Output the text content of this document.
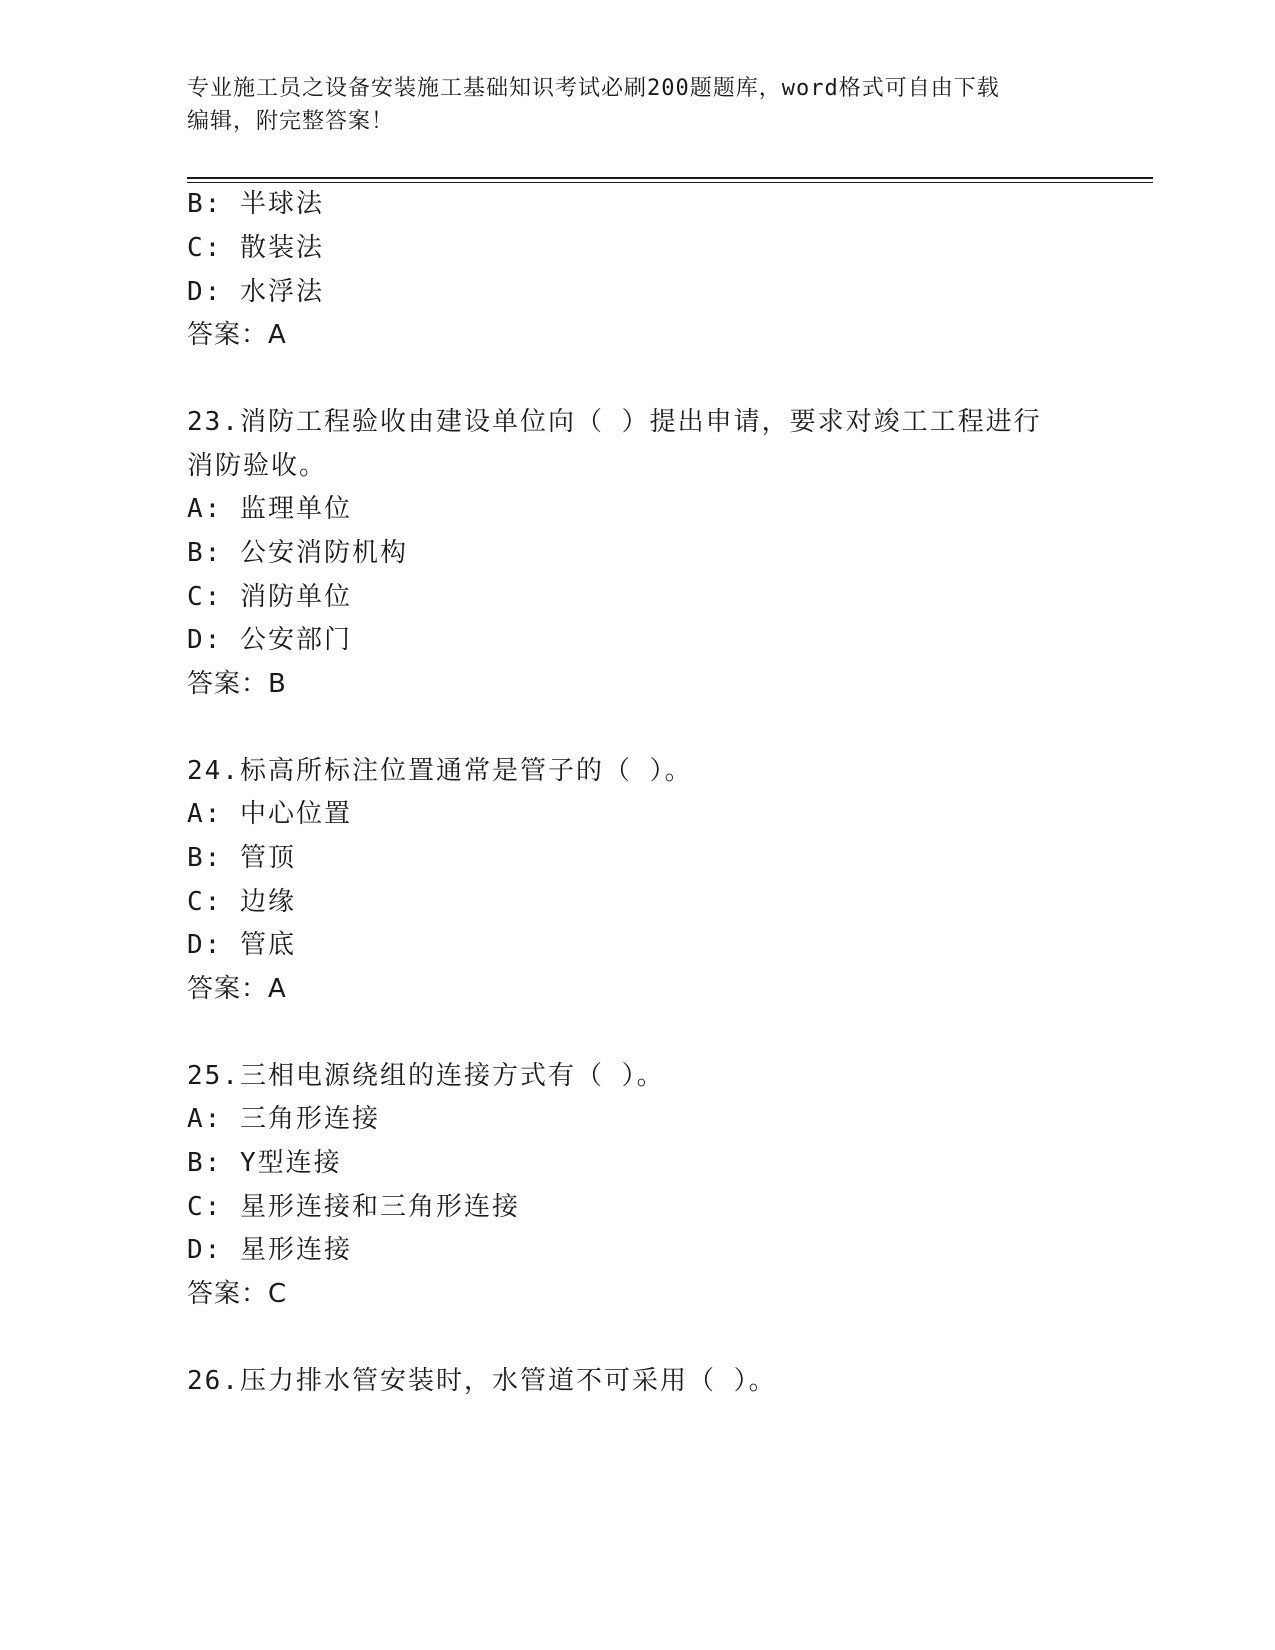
专业施工员之设备安装施工基础知识考试必刷200题题库，word格式可自由下载
编辑，附完整答案！
B: 半球法
C: 散装法
D: 水浮法
答案：A
23.消防工程验收由建设单位向（ ）提出申请，要求对竣工工程进行
消防验收。
A: 监理单位
B: 公安消防机构
C: 消防单位
D: 公安部门
答案：B
24.标高所标注位置通常是管子的（ ）。
A: 中心位置
B: 管顶
C: 边缘
D: 管底
答案：A
25.三相电源绕组的连接方式有（ ）。
A: 三角形连接
B: Y型连接
C: 星形连接和三角形连接
D: 星形连接
答案：C
26.压力排水管安装时，水管道不可采用（ ）。
